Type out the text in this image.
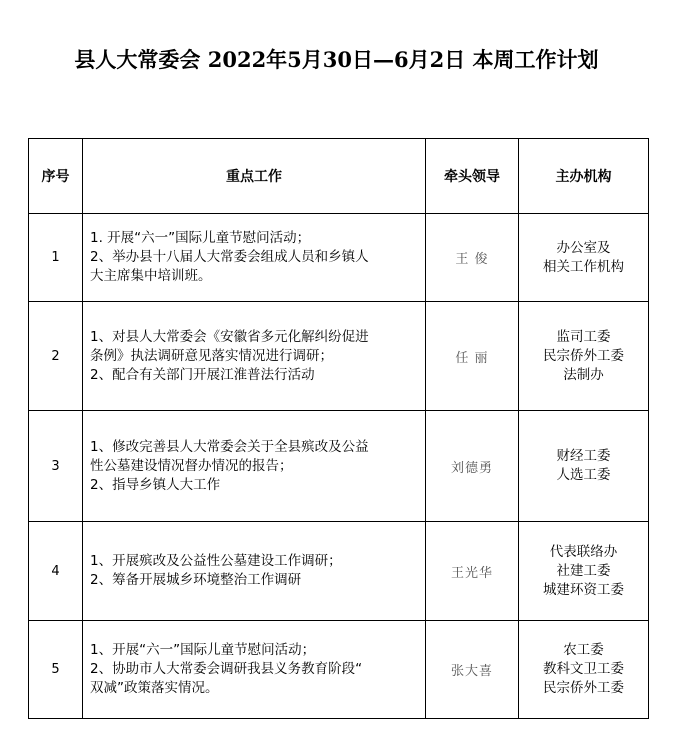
县人大常委会 2022年5月30日—6月2日 本周工作计划
序号	重点工作	牵头领导	主办机构
1	1. 开展“六一”国际儿童节慰问活动；
2、举办县十八届人大常委会组成人员和乡镇人
大主席集中培训班。	王 俊	办公室及
相关工作机构

2	1、对县人大常委会《安徽省多元化解纠纷促进
条例》执法调研意见落实情况进行调研；
2、配合有关部门开展江淮普法行活动	任 丽	监司工委
民宗侨外工委
法制办

3	1、修改完善县人大常委会关于全县殡改及公益
性公墓建设情况督办情况的报告；
2、指导乡镇人大工作	刘德勇	财经工委
人选工委

4	1、开展殡改及公益性公墓建设工作调研；
2、筹备开展城乡环境整治工作调研	王光华	代表联络办
社建工委
城建环资工委

5	1、开展“六一”国际儿童节慰问活动；
2、协助市人大常委会调研我县义务教育阶段“
双减”政策落实情况。	张大喜	农工委
教科文卫工委
民宗侨外工委
